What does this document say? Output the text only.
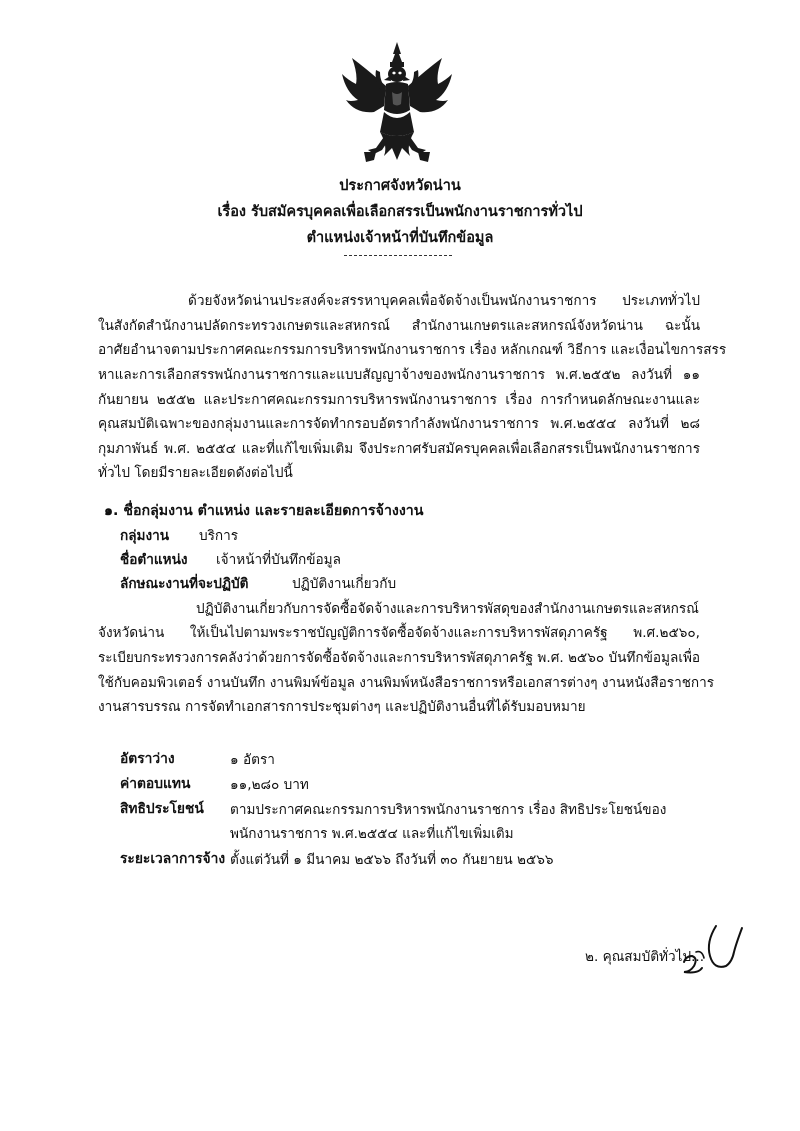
ประกาศจังหวัดน่าน
เรื่อง รับสมัครบุคคลเพื่อเลือกสรรเป็นพนักงานราชการทั่วไป
ตำแหน่งเจ้าหน้าที่บันทึกข้อมูล
ด้วยจังหวัดน่านประสงค์จะสรรหาบุคคลเพื่อจัดจ้างเป็นพนักงานราชการ ประเภททั่วไป
ในสังกัดสำนักงานปลัดกระทรวงเกษตรและสหกรณ์ สำนักงานเกษตรและสหกรณ์จังหวัดน่าน ฉะนั้น
อาศัยอำนาจตามประกาศคณะกรรมการบริหารพนักงานราชการ เรื่อง หลักเกณฑ์ วิธีการ และเงื่อนไขการสรร
หาและการเลือกสรรพนักงานราชการและแบบสัญญาจ้างของพนักงานราชการ พ.ศ.๒๕๕๒ ลงวันที่ ๑๑
กันยายน ๒๕๕๒ และประกาศคณะกรรมการบริหารพนักงานราชการ เรื่อง การกำหนดลักษณะงานและ
คุณสมบัติเฉพาะของกลุ่มงานและการจัดทำกรอบอัตรากำลังพนักงานราชการ พ.ศ.๒๕๕๔ ลงวันที่ ๒๘
กุมภาพันธ์ พ.ศ. ๒๕๕๔ และที่แก้ไขเพิ่มเติม จึงประกาศรับสมัครบุคคลเพื่อเลือกสรรเป็นพนักงานราชการ
ทั่วไป โดยมีรายละเอียดดังต่อไปนี้
๑. ชื่อกลุ่มงาน ตำแหน่ง และรายละเอียดการจ้างงาน
กลุ่มงาน บริการ
ชื่อตำแหน่ง เจ้าหน้าที่บันทึกข้อมูล
ลักษณะงานที่จะปฏิบัติ	ปฏิบัติงานเกี่ยวกับ
ปฏิบัติงานเกี่ยวกับการจัดซื้อจัดจ้างและการบริหารพัสดุของสำนักงานเกษตรและสหกรณ์
จังหวัดน่าน ให้เป็นไปตามพระราชบัญญัติการจัดซื้อจัดจ้างและการบริหารพัสดุภาครัฐ พ.ศ.๒๕๖๐,
ระเบียบกระทรวงการคลังว่าด้วยการจัดซื้อจัดจ้างและการบริหารพัสดุภาครัฐ พ.ศ. ๒๕๖๐ บันทึกข้อมูลเพื่อ
ใช้กับคอมพิวเตอร์ งานบันทึก งานพิมพ์ข้อมูล งานพิมพ์หนังสือราชการหรือเอกสารต่างๆ งานหนังสือราชการ
งานสารบรรณ การจัดทำเอกสารการประชุมต่างๆ และปฏิบัติงานอื่นที่ได้รับมอบหมาย
อัตราว่าง	๑ อัตรา
ค่าตอบแทน	๑๑,๒๘๐ บาท
สิทธิประโยชน์ ตามประกาศคณะกรรมการบริหารพนักงานราชการ เรื่อง สิทธิประโยชน์ของ
พนักงานราชการ พ.ศ.๒๕๕๔ และที่แก้ไขเพิ่มเติม
ระยะเวลาการจ้าง ตั้งแต่วันที่ ๑ มีนาคม ๒๕๖๖ ถึงวันที่ ๓๐ กันยายน ๒๕๖๖
๒. คุณสมบัติทั่วไป...
